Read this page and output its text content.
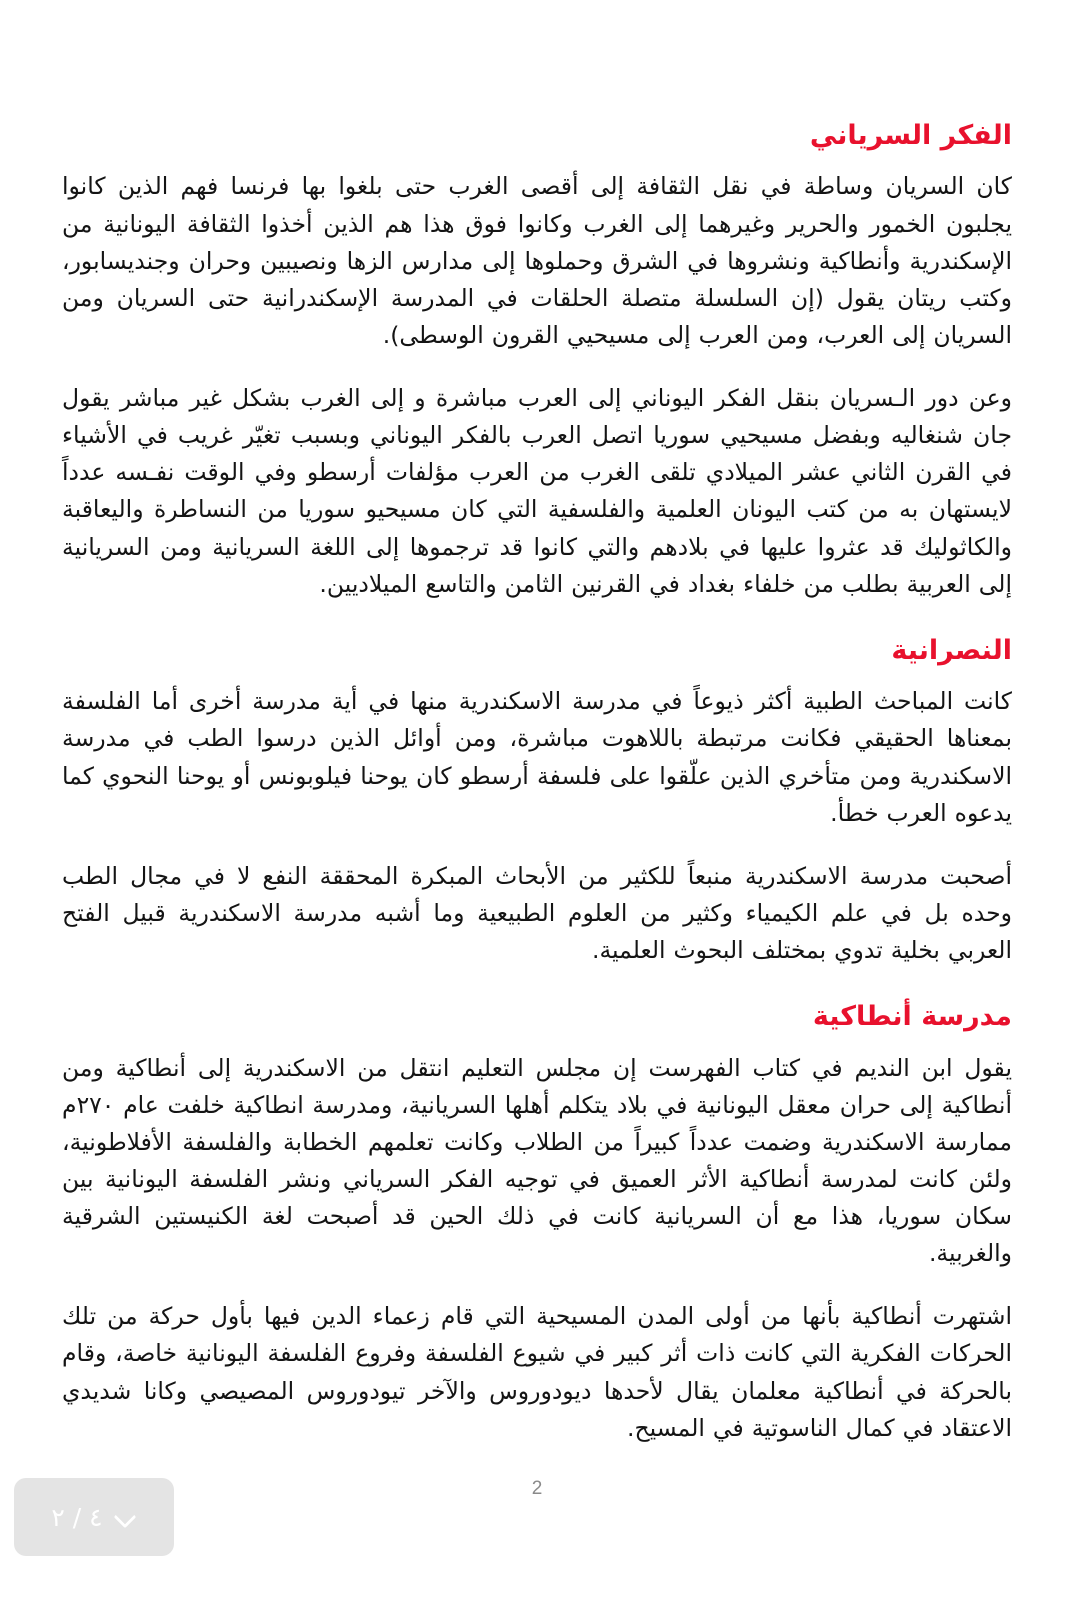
الفكر السرياني

كان السريان وساطة في نقل الثقافة إلى أقصى الغرب حتى بلغوا بها فرنسا فهم الذين كانوا يجلبون الخمور والحرير وغيرهما إلى الغرب وكانوا فوق هذا هم الذين أخذوا الثقافة اليونانية من الإسكندرية وأنطاكية ونشروها في الشرق وحملوها إلى مدارس الزها ونصيبين وحران وجنديسابور، وكتب ريتان يقول (إن السلسلة متصلة الحلقات في المدرسة الإسكندرانية حتى السريان ومن السريان إلى العرب، ومن العرب إلى مسيحيي القرون الوسطى).

وعن دور الـسريان بنقل الفكر اليوناني إلى العرب مباشرة و إلى الغرب بشكل غير مباشر يقول جان شنغاليه وبفضل مسيحيي سوريا اتصل العرب بالفكر اليوناني وبسبب تغيّر غريب في الأشياء في القرن الثاني عشر الميلادي تلقى الغرب من العرب مؤلفات أرسطو وفي الوقت نفـسه عدداً لايستهان به من كتب اليونان العلمية والفلسفية التي كان مسيحيو سوريا من النساطرة واليعاقبة والكاثوليك قد عثروا عليها في بلادهم والتي كانوا قد ترجموها إلى اللغة السريانية ومن السريانية إلى العربية بطلب من خلفاء بغداد في القرنين الثامن والتاسع الميلاديين.

النصرانية

كانت المباحث الطبية أكثر ذيوعاً في مدرسة الاسكندرية منها في أية مدرسة أخرى أما الفلسفة بمعناها الحقيقي فكانت مرتبطة باللاهوت مباشرة، ومن أوائل الذين درسوا الطب في مدرسة الاسكندرية ومن متأخري الذين علّقوا على فلسفة أرسطو كان يوحنا فيلوبونس أو يوحنا النحوي كما يدعوه العرب خطأ.

أصحبت مدرسة الاسكندرية منبعاً للكثير من الأبحاث المبكرة المحققة النفع لا في مجال الطب وحده بل في علم الكيمياء وكثير من العلوم الطبيعية وما أشبه مدرسة الاسكندرية قبيل الفتح العربي بخلية تدوي بمختلف البحوث العلمية.

مدرسة أنطاكية

يقول ابن النديم في كتاب الفهرست إن مجلس التعليم انتقل من الاسكندرية إلى أنطاكية ومن أنطاكية إلى حران معقل اليونانية في بلاد يتكلم أهلها السريانية، ومدرسة انطاكية خلفت عام ٢٧٠م ممارسة الاسكندرية وضمت عدداً كبيراً من الطلاب وكانت تعلمهم الخطابة والفلسفة الأفلاطونية، ولئن كانت لمدرسة أنطاكية الأثر العميق في توجيه الفكر السرياني ونشر الفلسفة اليونانية بين سكان سوريا، هذا مع أن السريانية كانت في ذلك الحين قد أصبحت لغة الكنيستين الشرقية والغربية.

اشتهرت أنطاكية بأنها من أولى المدن المسيحية التي قام زعماء الدين فيها بأول حركة من تلك الحركات الفكرية التي كانت ذات أثر كبير في شيوع الفلسفة وفروع الفلسفة اليونانية خاصة، وقام بالحركة في أنطاكية معلمان يقال لأحدها ديودوروس والآخر تيودوروس المصيصي وكانا شديدي الاعتقاد في كمال الناسوتية في المسيح.

2
٤ / ٢
